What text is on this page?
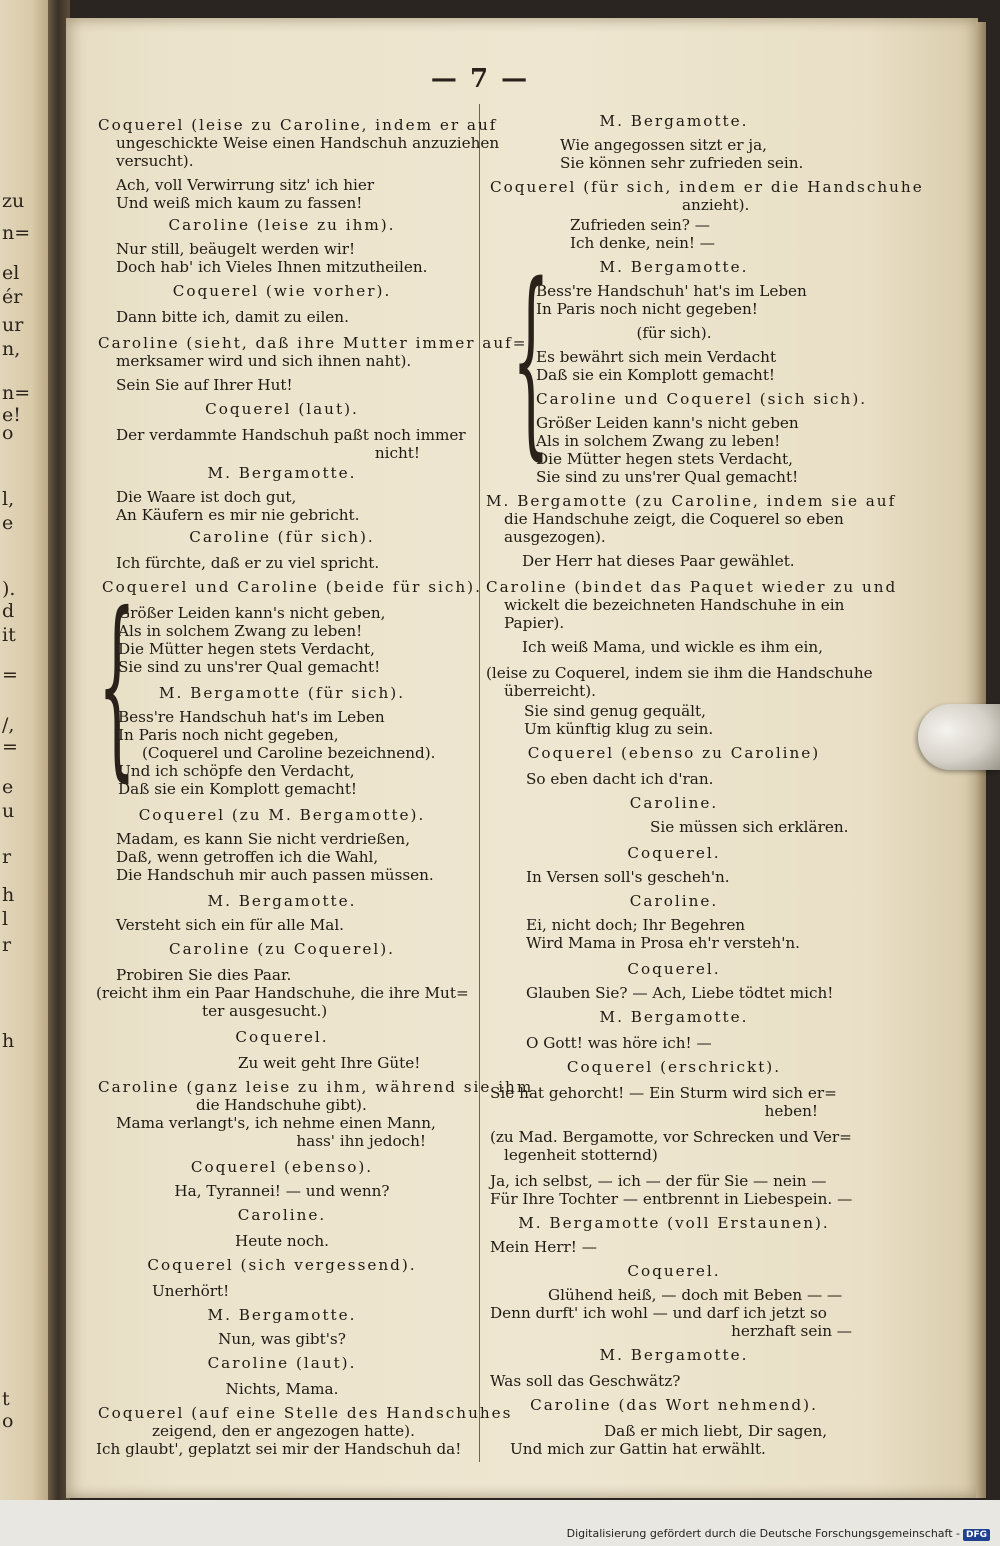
zu
n=
el
ér
ur
n,
n=
e!
o
l,
e
).
d
it
=
/,
=
e
u
r
h
l
r
h
t
o
— 7 —
Coquerel (leise zu Caroline, indem er auf
ungeschickte Weise einen Handschuh anzuziehen
versucht).
Ach, voll Verwirrung sitz' ich hier
Und weiß mich kaum zu fassen!
Caroline (leise zu ihm).
Nur still, beäugelt werden wir!
Doch hab' ich Vieles Ihnen mitzutheilen.
Coquerel (wie vorher).
Dann bitte ich, damit zu eilen.
Caroline (sieht, daß ihre Mutter immer auf=
merksamer wird und sich ihnen naht).
Sein Sie auf Ihrer Hut!
Coquerel (laut).
Der verdammte Handschuh paßt noch immer
nicht!
M. Bergamotte.
Die Waare ist doch gut,
An Käufern es mir nie gebricht.
Caroline (für sich).
Ich fürchte, daß er zu viel spricht.
Coquerel und Caroline (beide für sich).
Größer Leiden kann's nicht geben,
Als in solchem Zwang zu leben!
Die Mütter hegen stets Verdacht,
Sie sind zu uns'rer Qual gemacht!
M. Bergamotte (für sich).
Bess're Handschuh hat's im Leben
In Paris noch nicht gegeben,
(Coquerel und Caroline bezeichnend).
Und ich schöpfe den Verdacht,
Daß sie ein Komplott gemacht!
Coquerel (zu M. Bergamotte).
Madam, es kann Sie nicht verdrießen,
Daß, wenn getroffen ich die Wahl,
Die Handschuh mir auch passen müssen.
M. Bergamotte.
Versteht sich ein für alle Mal.
Caroline (zu Coquerel).
Probiren Sie dies Paar.
(reicht ihm ein Paar Handschuhe, die ihre Mut=
ter ausgesucht.)
Coquerel.
Zu weit geht Ihre Güte!
Caroline (ganz leise zu ihm, während sie ihm
die Handschuhe gibt).
Mama verlangt's, ich nehme einen Mann,
hass' ihn jedoch!
Coquerel (ebenso).
Ha, Tyrannei! — und wenn?
Caroline.
Heute noch.
Coquerel (sich vergessend).
Unerhört!
M. Bergamotte.
Nun, was gibt's?
Caroline (laut).
Nichts, Mama.
Coquerel (auf eine Stelle des Handschuhes
zeigend, den er angezogen hatte).
Ich glaubt', geplatzt sei mir der Handschuh da!
{
M. Bergamotte.
Wie angegossen sitzt er ja,
Sie können sehr zufrieden sein.
Coquerel (für sich, indem er die Handschuhe
anzieht).
Zufrieden sein? —
Ich denke, nein! —
M. Bergamotte.
Bess're Handschuh' hat's im Leben
In Paris noch nicht gegeben!
(für sich).
Es bewährt sich mein Verdacht
Daß sie ein Komplott gemacht!
Caroline und Coquerel (sich sich).
Größer Leiden kann's nicht geben
Als in solchem Zwang zu leben!
Die Mütter hegen stets Verdacht,
Sie sind zu uns'rer Qual gemacht!
M. Bergamotte (zu Caroline, indem sie auf
die Handschuhe zeigt, die Coquerel so eben
ausgezogen).
Der Herr hat dieses Paar gewählet.
Caroline (bindet das Paquet wieder zu und
wickelt die bezeichneten Handschuhe in ein
Papier).
Ich weiß Mama, und wickle es ihm ein,
(leise zu Coquerel, indem sie ihm die Handschuhe
überreicht).
Sie sind genug gequält,
Um künftig klug zu sein.
Coquerel (ebenso zu Caroline)
So eben dacht ich d'ran.
Caroline.
Sie müssen sich erklären.
Coquerel.
In Versen soll's gescheh'n.
Caroline.
Ei, nicht doch; Ihr Begehren
Wird Mama in Prosa eh'r versteh'n.
Coquerel.
Glauben Sie? — Ach, Liebe tödtet mich!
M. Bergamotte.
O Gott! was höre ich! —
Coquerel (erschrickt).
Sie hat gehorcht! — Ein Sturm wird sich er=
heben!
(zu Mad. Bergamotte, vor Schrecken und Ver=
legenheit stotternd)
Ja, ich selbst, — ich — der für Sie — nein —
Für Ihre Tochter — entbrennt in Liebespein. —
M. Bergamotte (voll Erstaunen).
Mein Herr! —
Coquerel.
Glühend heiß, — doch mit Beben — —
Denn durft' ich wohl — und darf ich jetzt so
herzhaft sein —
M. Bergamotte.
Was soll das Geschwätz?
Caroline (das Wort nehmend).
Daß er mich liebt, Dir sagen,
Und mich zur Gattin hat erwählt.
{
Digitalisierung gefördert durch die Deutsche Forschungsgemeinschaft - DFG
